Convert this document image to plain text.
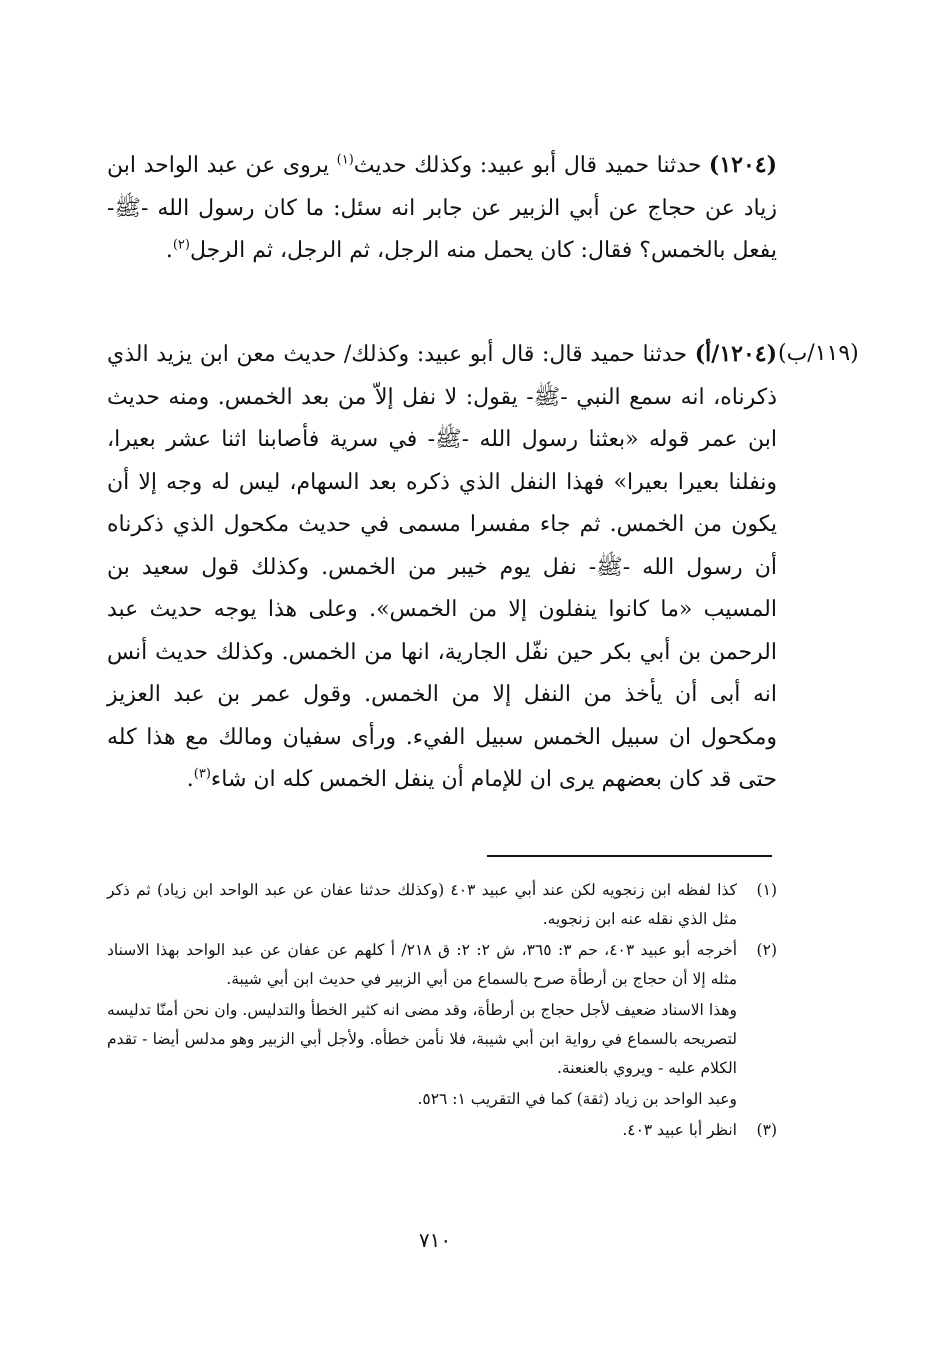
(١٢٠٤) حدثنا حميد قال أبو عبيد: وكذلك حديث$^{(١)}$ يروى عن عبد الواحد ابن زياد عن حجاج عن أبي الزبير عن جابر انه سئل: ما كان رسول الله -ﷺ- يفعل بالخمس؟ فقال: كان يحمل منه الرجل، ثم الرجل، ثم الرجل$^{(٢)}$.

(١١٩/ب)

(١٢٠٤/أ) حدثنا حميد قال: قال أبو عبيد: وكذلك/ حديث معن ابن يزيد الذي ذكرناه، انه سمع النبي -ﷺ- يقول: لا نفل إلاّ من بعد الخمس. ومنه حديث ابن عمر قوله «بعثنا رسول الله -ﷺ- في سرية فأصابنا اثنا عشر بعيرا، ونفلنا بعيرا بعيرا» فهذا النفل الذي ذكره بعد السهام، ليس له وجه إلا أن يكون من الخمس. ثم جاء مفسرا مسمى في حديث مكحول الذي ذكرناه أن رسول الله -ﷺ- نفل يوم خيبر من الخمس. وكذلك قول سعيد بن المسيب «ما كانوا ينفلون إلا من الخمس». وعلى هذا يوجه حديث عبد الرحمن بن أبي بكر حين نفّل الجارية، انها من الخمس. وكذلك حديث أنس انه أبى أن يأخذ من النفل إلا من الخمس. وقول عمر بن عبد العزيز ومكحول ان سبيل الخمس سبيل الفيء. ورأى سفيان ومالك مع هذا كله حتى قد كان بعضهم يرى ان للإمام أن ينفل الخمس كله ان شاء$^{(٣)}$.

(١)
كذا لفظه ابن زنجويه لكن عند أبي عبيد ٤٠٣ (وكذلك حدثنا عفان عن عبد الواحد ابن زياد) ثم ذكر مثل الذي نقله عنه ابن زنجويه.
(٢)
أخرجه أبو عبيد ٤٠٣، حم ٣: ٣٦٥، ش ٢: ٢: ق ٢١٨/ أ كلهم عن عفان عن عبد الواحد بهذا الاسناد مثله إلا أن حجاج بن أرطأة صرح بالسماع من أبي الزبير في حديث ابن أبي شيبة.
وهذا الاسناد ضعيف لأجل حجاج بن أرطأة، وقد مضى انه كثير الخطأ والتدليس. وان نحن أمنّا تدليسه لتصريحه بالسماع في رواية ابن أبي شيبة، فلا نأمن خطأه. ولأجل أبي الزبير وهو مدلس أيضا - تقدم الكلام عليه - ويروي بالعنعنة.
وعبد الواحد بن زياد (ثقة) كما في التقريب ١: ٥٢٦.
(٣)
انظر أبا عبيد ٤٠٣.
٧١٠
